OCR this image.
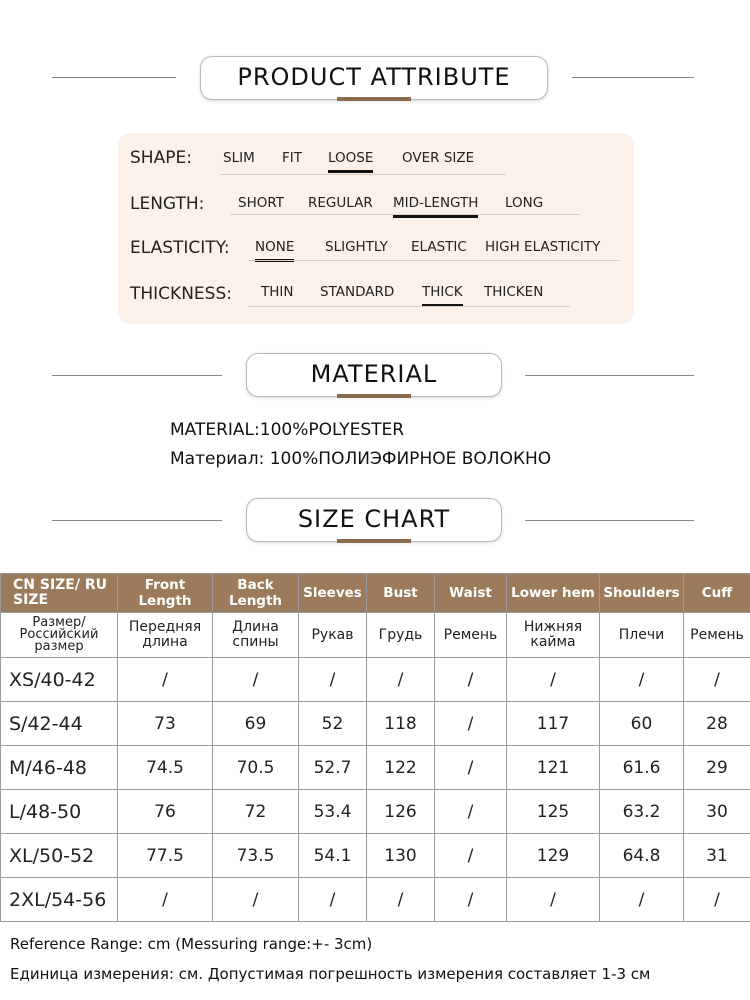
PRODUCT ATTRIBUTE
SHAPE: SLIM FIT LOOSE OVER SIZE
LENGTH: SHORT REGULAR MID-LENGTH LONG
ELASTICITY: NONE SLIGHTLY ELASTIC HIGH ELASTICITY
THICKNESS: THIN STANDARD THICK THICKEN
MATERIAL
MATERIAL:100%POLYESTER
Материал: 100%ПОЛИЭФИРНОЕ ВОЛОКНО
SIZE CHART
CN SIZE/ RU SIZE	Front Length	Back Length	Sleeves	Bust	Waist	Lower hem	Shoulders	Cuff
Размер/ Российский размер	Передняя длина	Длина спины	Рукав	Грудь	Ремень	Нижняя кайма	Плечи	Ремень
XS/40-42	/	/	/	/	/	/	/	/
S/42-44	73	69	52	118	/	117	60	28
M/46-48	74.5	70.5	52.7	122	/	121	61.6	29
L/48-50	76	72	53.4	126	/	125	63.2	30
XL/50-52	77.5	73.5	54.1	130	/	129	64.8	31
2XL/54-56	/	/	/	/	/	/	/	/
Reference Range: cm (Messuring range:+- 3cm)
Единица измерения: см. Допустимая погрешность измерения составляет 1-3 см
